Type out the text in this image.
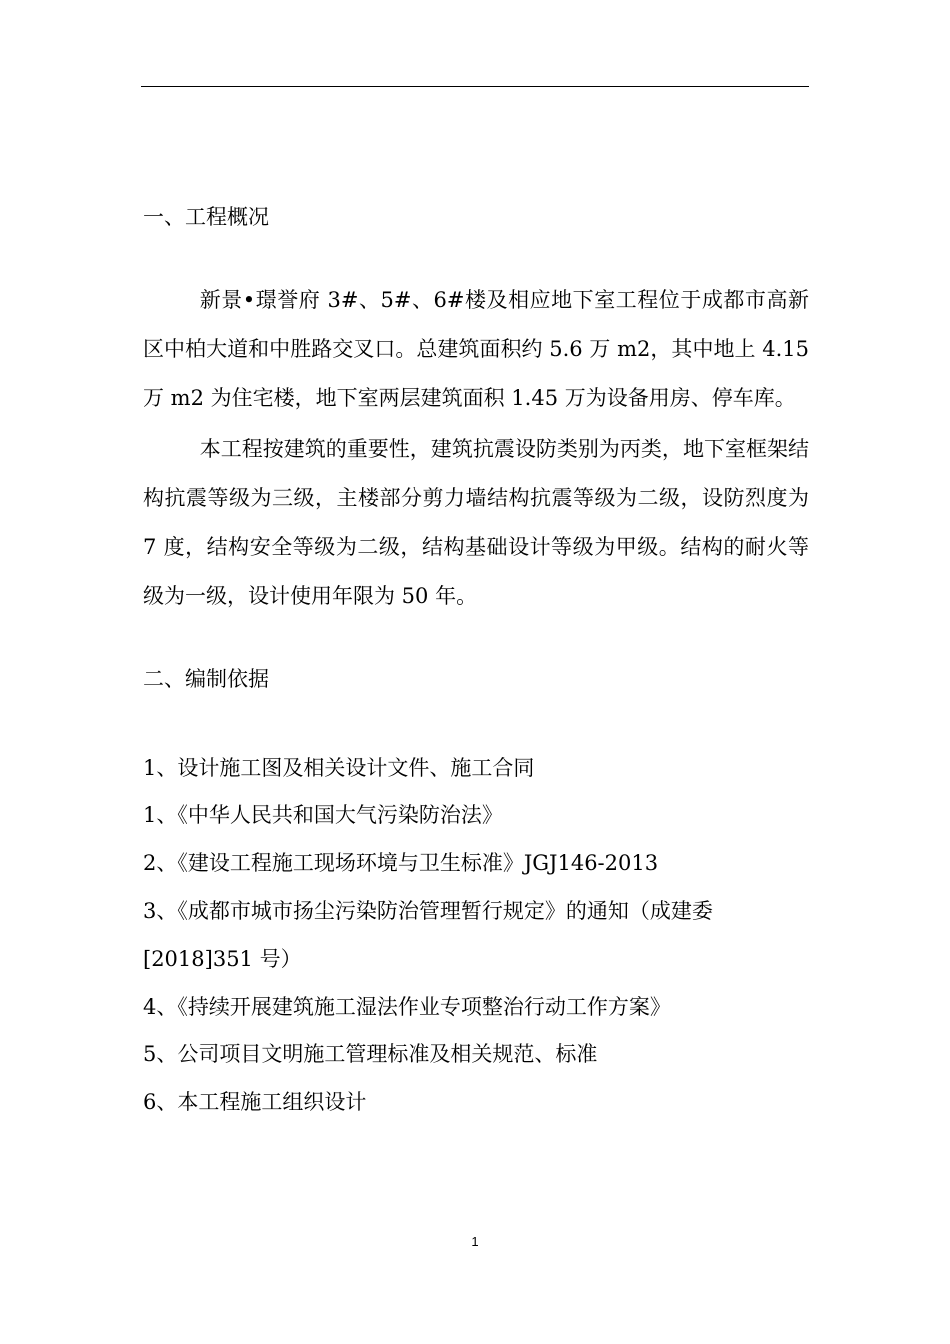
一、工程概况

新景•璟誉府 3#、5#、6#楼及相应地下室工程位于成都市高新区中柏大道和中胜路交叉口。总建筑面积约 5.6 万 m2，其中地上 4.15 万 m2 为住宅楼，地下室两层建筑面积 1.45 万为设备用房、停车库。

本工程按建筑的重要性，建筑抗震设防类别为丙类，地下室框架结构抗震等级为三级，主楼部分剪力墙结构抗震等级为二级，设防烈度为 7 度，结构安全等级为二级，结构基础设计等级为甲级。结构的耐火等级为一级，设计使用年限为 50 年。

二、编制依据
1、设计施工图及相关设计文件、施工合同
1、《中华人民共和国大气污染防治法》
2、《建设工程施工现场环境与卫生标准》JGJ146-2013
3、《成都市城市扬尘污染防治管理暂行规定》的通知（成建委
[2018]351 号）
4、《持续开展建筑施工湿法作业专项整治行动工作方案》
5、公司项目文明施工管理标准及相关规范、标准
6、本工程施工组织设计
1
